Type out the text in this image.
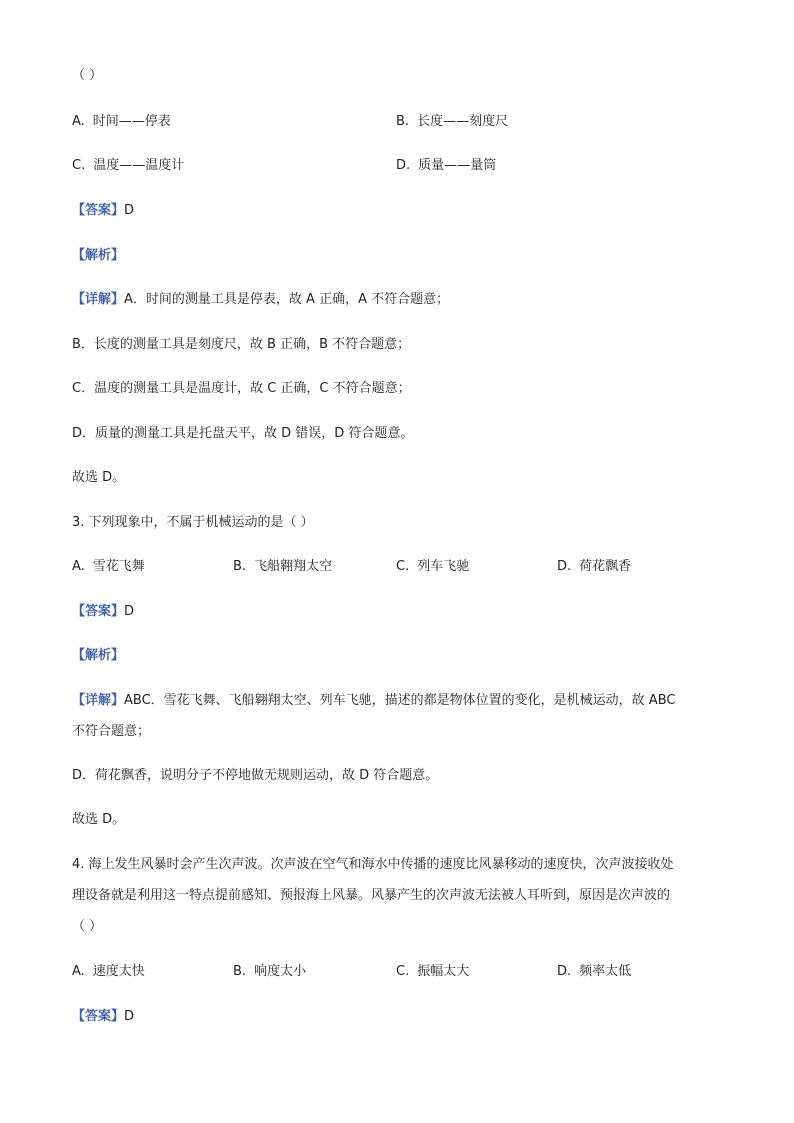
（ ）
A. 时间——停表	B. 长度——刻度尺
C. 温度——温度计	D. 质量——量筒
【答案】D
【解析】
【详解】A．时间的测量工具是停表，故 A 正确，A 不符合题意；
B．长度的测量工具是刻度尺，故 B 正确，B 不符合题意；
C．温度的测量工具是温度计，故 C 正确，C 不符合题意；
D．质量的测量工具是托盘天平，故 D 错误，D 符合题意。
故选 D。
3. 下列现象中，不属于机械运动的是（ ）
A. 雪花飞舞	B. 飞船翱翔太空	C. 列车飞驰	D. 荷花飘香
【答案】D
【解析】
【详解】ABC．雪花飞舞、飞船翱翔太空、列车飞驰，描述的都是物体位置的变化，是机械运动，故 ABC
不符合题意；
D．荷花飘香，说明分子不停地做无规则运动，故 D 符合题意。
故选 D。
4. 海上发生风暴时会产生次声波。次声波在空气和海水中传播的速度比风暴移动的速度快，次声波接收处
理设备就是利用这一特点提前感知、预报海上风暴。风暴产生的次声波无法被人耳听到，原因是次声波的
（ ）
A. 速度太快	B. 响度太小	C. 振幅太大	D. 频率太低
【答案】D
